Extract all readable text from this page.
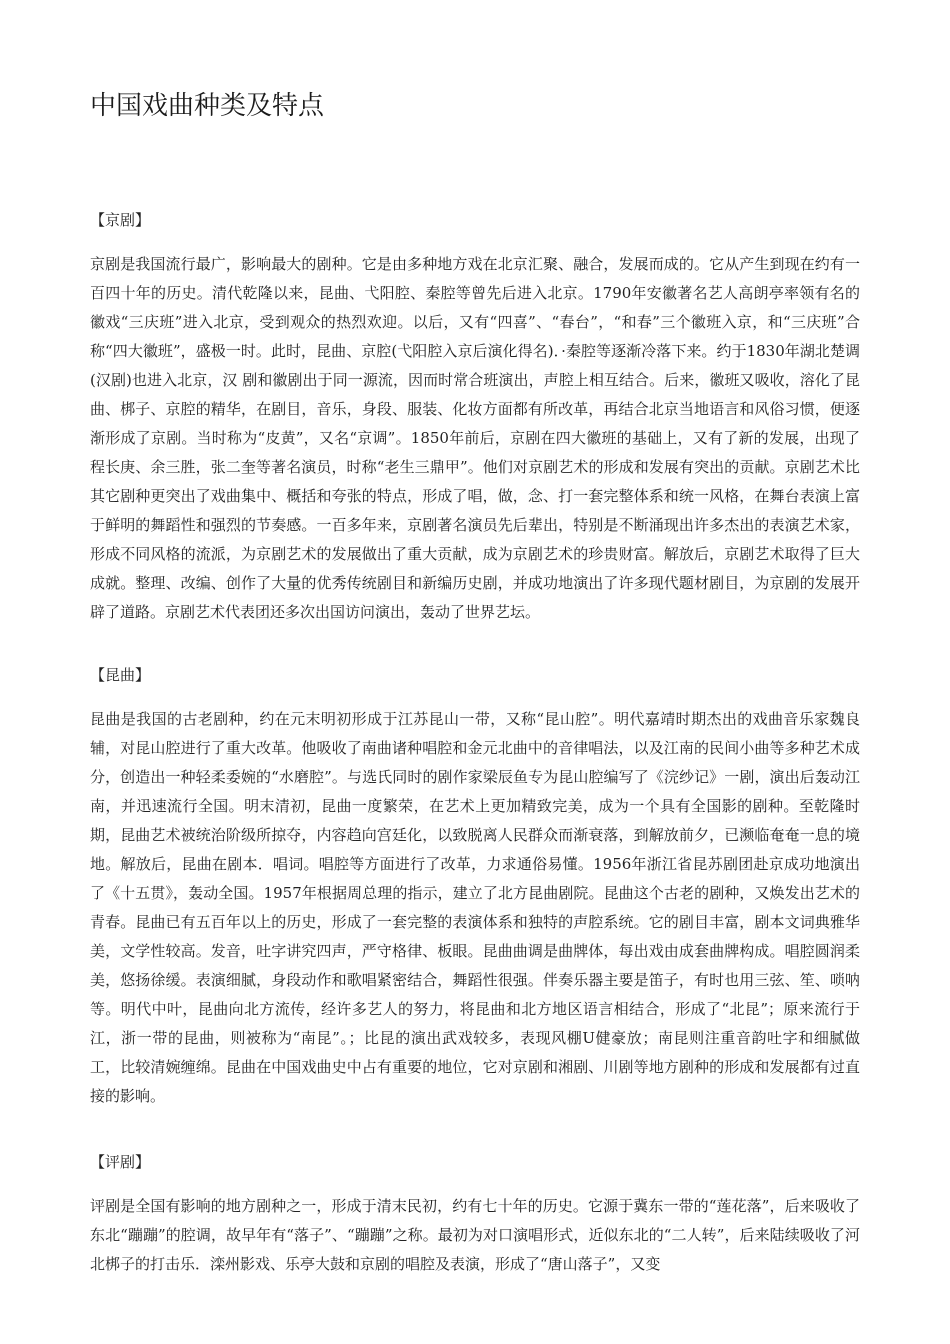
中国戏曲种类及特点

【京剧】

京剧是我国流行最广，影响最大的剧种。它是由多种地方戏在北京汇聚、融合，发展而成的。它从产生到现在约有一百四十年的历史。清代乾隆以来，昆曲、弋阳腔、秦腔等曾先后进入北京。1790年安徽著名艺人高朗亭率领有名的徽戏“三庆班”进入北京，受到观众的热烈欢迎。以后，又有“四喜”、“春台”，“和春”三个徽班入京，和“三庆班”合称“四大徽班”，盛极一时。此时，昆曲、京腔(弋阳腔入京后演化得名)．·秦腔等逐渐冷落下来。约于1830年湖北楚调(汉剧)也进入北京，汉 剧和徽剧出于同一源流，因而时常合班演出，声腔上相互结合。后来，徽班又吸收，溶化了昆曲、梆子、京腔的精华，在剧目，音乐，身段、服装、化妆方面都有所改革，再结合北京当地语言和风俗习惯，便逐渐形成了京剧。当时称为“皮黄”，又名“京调”。1850年前后，京剧在四大徽班的基础上，又有了新的发展，出现了程长庚、余三胜，张二奎等著名演员，时称“老生三鼎甲”。他们对京剧艺术的形成和发展有突出的贡献。京剧艺术比其它剧种更突出了戏曲集中、概括和夸张的特点，形成了唱，做，念、打一套完整体系和统一风格，在舞台表演上富于鲜明的舞蹈性和强烈的节奏感。一百多年来，京剧著名演员先后辈出，特别是不断涌现出许多杰出的表演艺术家，形成不同风格的流派，为京剧艺术的发展做出了重大贡献，成为京剧艺术的珍贵财富。解放后，京剧艺术取得了巨大成就。整理、改编、创作了大量的优秀传统剧目和新编历史剧，并成功地演出了许多现代题材剧目，为京剧的发展开辟了道路。京剧艺术代表团还多次出国访问演出，轰动了世界艺坛。

【昆曲】

昆曲是我国的古老剧种，约在元末明初形成于江苏昆山一带，又称“昆山腔”。明代嘉靖时期杰出的戏曲音乐家魏良辅，对昆山腔进行了重大改革。他吸收了南曲诸种唱腔和金元北曲中的音律唱法，以及江南的民间小曲等多种艺术成分，创造出一种轻柔委婉的“水磨腔”。与选氏同时的剧作家梁辰鱼专为昆山腔编写了《浣纱记》一剧，演出后轰动江南，并迅速流行全国。明末清初，昆曲一度繁荣，在艺术上更加精致完美，成为一个具有全国影的剧种。至乾隆时期，昆曲艺术被统治阶级所掠夺，内容趋向宫廷化，以致脱离人民群众而渐衰落，到解放前夕，已濒临奄奄一息的境地。解放后，昆曲在剧本．唱词。唱腔等方面进行了改革，力求通俗易懂。1956年浙江省昆苏剧团赴京成功地演出了《十五贯》，轰动全国。1957年根据周总理的指示，建立了北方昆曲剧院。昆曲这个古老的剧种，又焕发出艺术的青春。昆曲已有五百年以上的历史，形成了一套完整的表演体系和独特的声腔系统。它的剧目丰富，剧本文词典雅华美，文学性较高。发音，吐字讲究四声，严守格律、板眼。昆曲曲调是曲牌体，每出戏由成套曲牌构成。唱腔圆润柔美，悠扬徐缓。表演细腻，身段动作和歌唱紧密结合，舞蹈性很强。伴奏乐器主要是笛子，有时也用三弦、笙、唢呐等。明代中叶，昆曲向北方流传，经许多艺人的努力，将昆曲和北方地区语言相结合，形成了“北昆”；原来流行于江，浙一带的昆曲，则被称为“南昆”。；比昆的演出武戏较多，表现风棚U健豪放；南昆则注重音韵吐字和细腻做工，比较清婉缠绵。昆曲在中国戏曲史中占有重要的地位，它对京剧和湘剧、川剧等地方剧种的形成和发展都有过直接的影响。

【评剧】

评剧是全国有影响的地方剧种之一，形成于清末民初，约有七十年的历史。它源于冀东一带的“莲花落”，后来吸收了东北“蹦蹦”的腔调，故早年有“落子”、“蹦蹦”之称。最初为对口演唱形式，近似东北的“二人转”，后来陆续吸收了河北梆子的打击乐．滦州影戏、乐亭大鼓和京剧的唱腔及表演，形成了“唐山落子”，又变
